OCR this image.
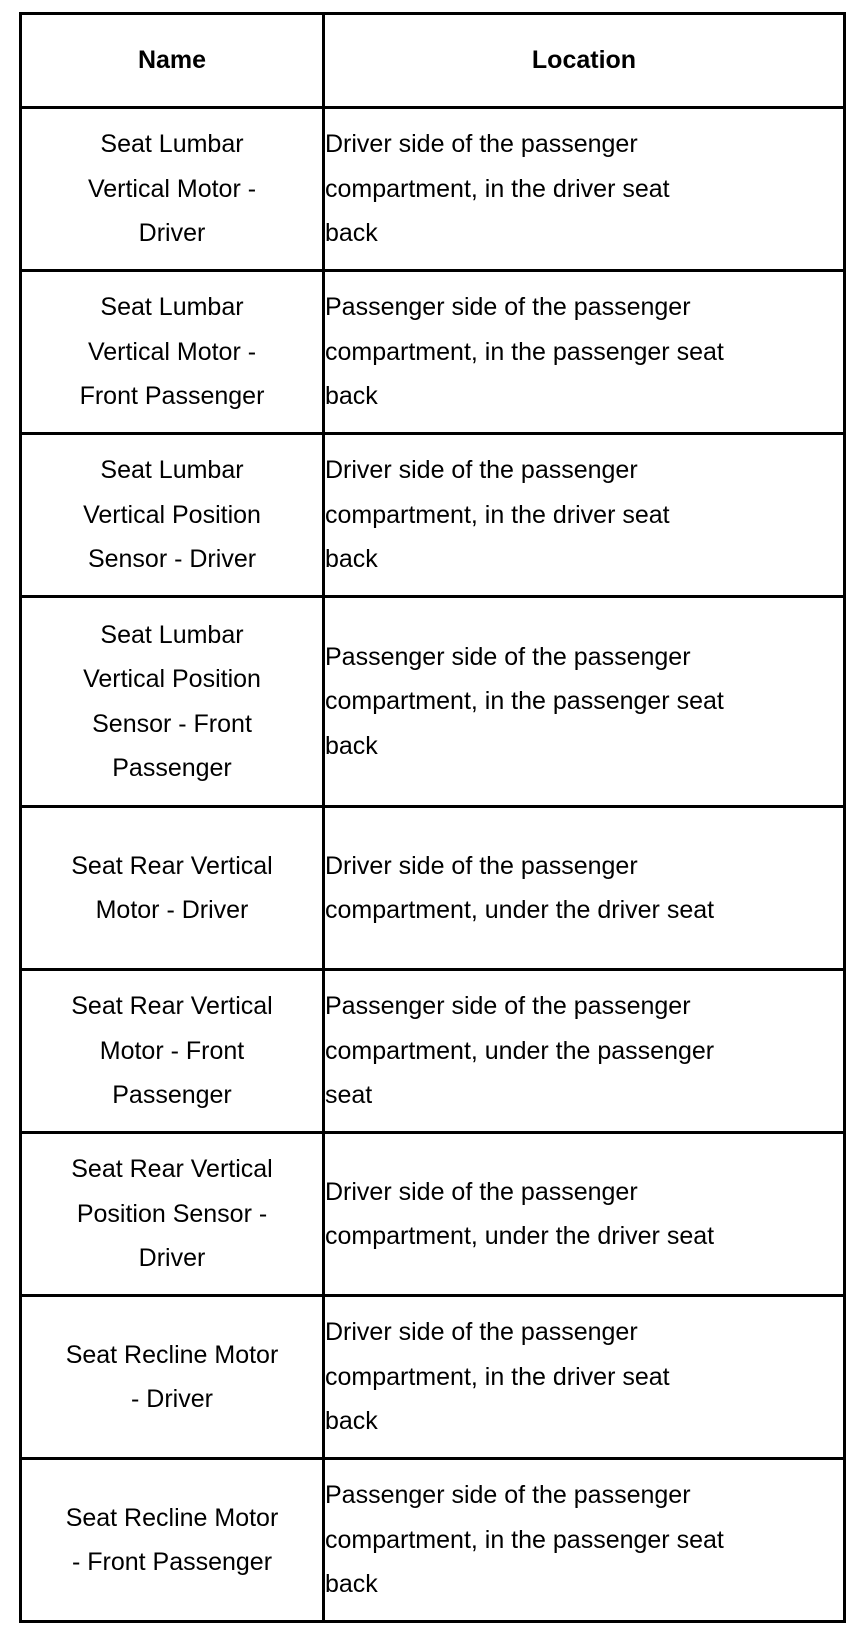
Name	Location

Seat Lumbar
Vertical Motor -
Driver	Driver side of the passenger
compartment, in the driver seat
back

Seat Lumbar
Vertical Motor -
Front Passenger	Passenger side of the passenger
compartment, in the passenger seat
back

Seat Lumbar
Vertical Position
Sensor - Driver	Driver side of the passenger
compartment, in the driver seat
back

Seat Lumbar
Vertical Position
Sensor - Front
Passenger	Passenger side of the passenger
compartment, in the passenger seat
back

Seat Rear Vertical
Motor - Driver	Driver side of the passenger
compartment, under the driver seat

Seat Rear Vertical
Motor - Front
Passenger	Passenger side of the passenger
compartment, under the passenger
seat

Seat Rear Vertical
Position Sensor -
Driver	Driver side of the passenger
compartment, under the driver seat

Seat Recline Motor
- Driver	Driver side of the passenger
compartment, in the driver seat
back

Seat Recline Motor
- Front Passenger	Passenger side of the passenger
compartment, in the passenger seat
back
